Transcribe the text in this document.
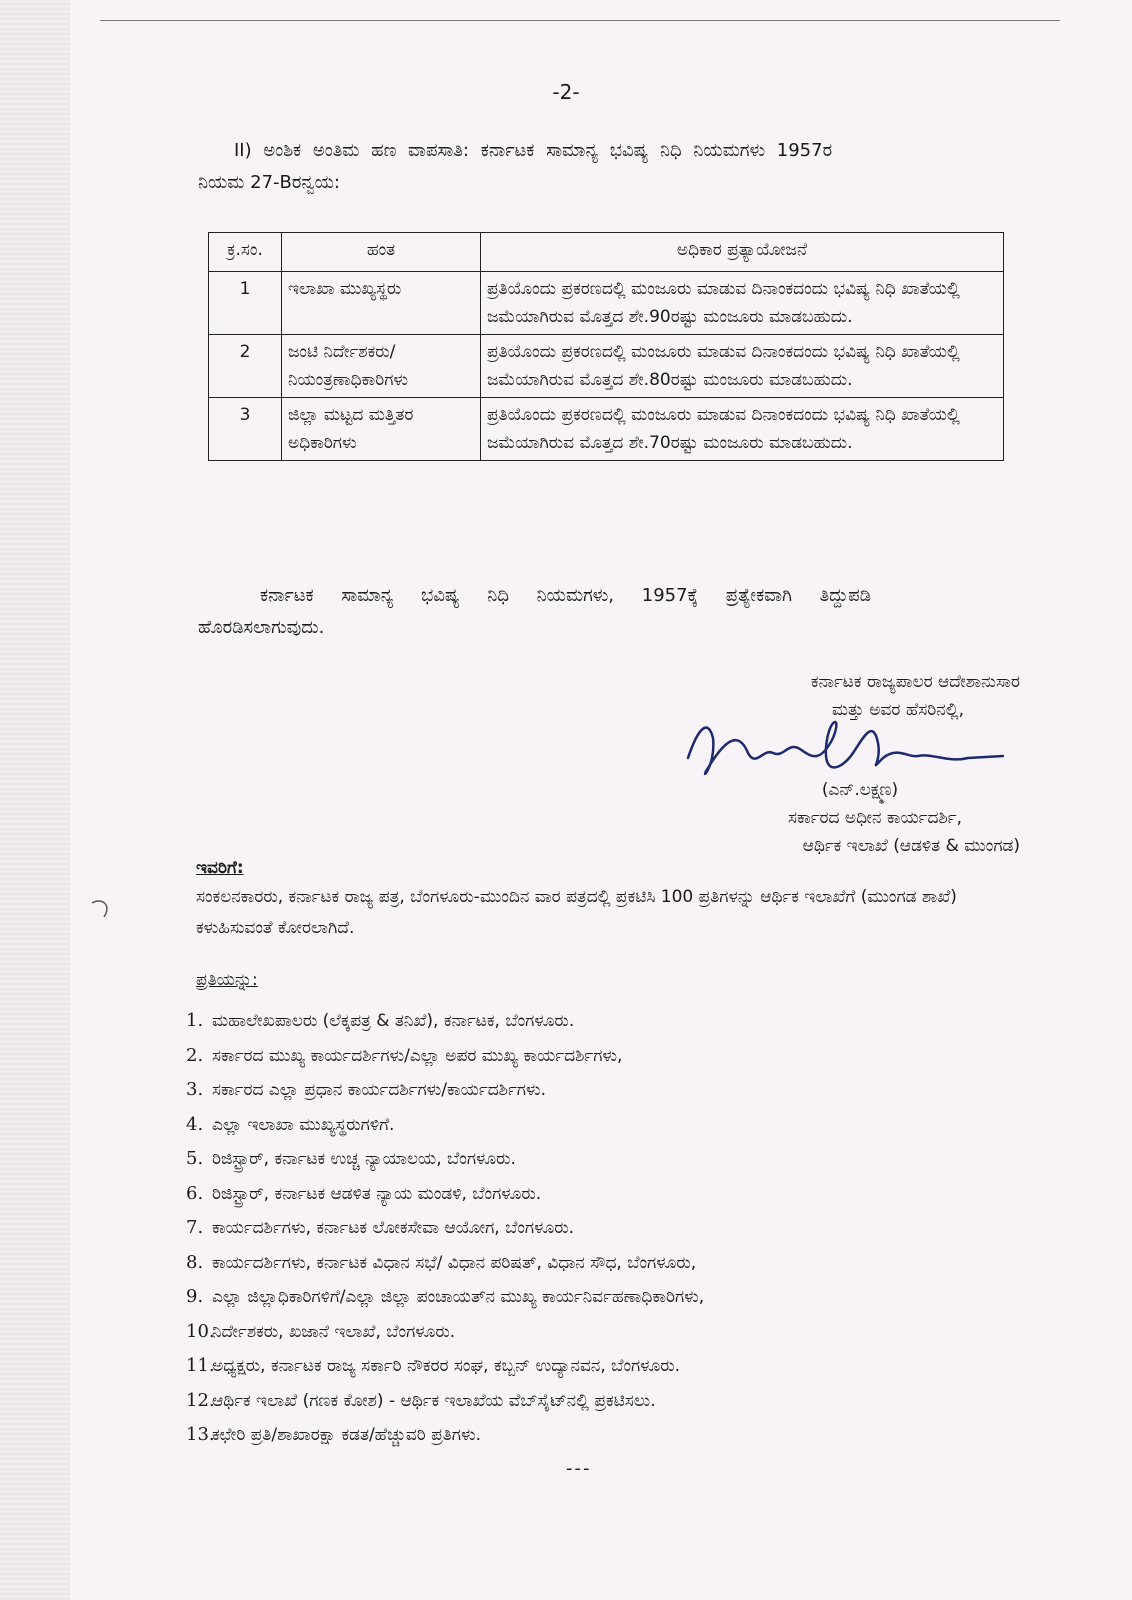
-2-
II) ಅಂಶಿಕ ಅಂತಿಮ ಹಣ ವಾಪಸಾತಿ: ಕರ್ನಾಟಕ ಸಾಮಾನ್ಯ ಭವಿಷ್ಯ ನಿಧಿ ನಿಯಮಗಳು 1957ರ
ನಿಯಮ 27-Bರನ್ವಯ:
ಕ್ರ.ಸಂ.	ಹಂತ	ಅಧಿಕಾರ ಪ್ರತ್ಯಾಯೋಜನೆ
1	ಇಲಾಖಾ ಮುಖ್ಯಸ್ಥರು	ಪ್ರತಿಯೊಂದು ಪ್ರಕರಣದಲ್ಲಿ ಮಂಜೂರು ಮಾಡುವ ದಿನಾಂಕದಂದು ಭವಿಷ್ಯ ನಿಧಿ ಖಾತೆಯಲ್ಲಿ ಜಮೆಯಾಗಿರುವ ಮೊತ್ತದ ಶೇ.90ರಷ್ಟು ಮಂಜೂರು ಮಾಡಬಹುದು.
2	ಜಂಟಿ ನಿರ್ದೇಶಕರು/ ನಿಯಂತ್ರಣಾಧಿಕಾರಿಗಳು	ಪ್ರತಿಯೊಂದು ಪ್ರಕರಣದಲ್ಲಿ ಮಂಜೂರು ಮಾಡುವ ದಿನಾಂಕದಂದು ಭವಿಷ್ಯ ನಿಧಿ ಖಾತೆಯಲ್ಲಿ ಜಮೆಯಾಗಿರುವ ಮೊತ್ತದ ಶೇ.80ರಷ್ಟು ಮಂಜೂರು ಮಾಡಬಹುದು.
3	ಜಿಲ್ಲಾ ಮಟ್ಟದ ಮತ್ತಿತರ ಅಧಿಕಾರಿಗಳು	ಪ್ರತಿಯೊಂದು ಪ್ರಕರಣದಲ್ಲಿ ಮಂಜೂರು ಮಾಡುವ ದಿನಾಂಕದಂದು ಭವಿಷ್ಯ ನಿಧಿ ಖಾತೆಯಲ್ಲಿ ಜಮೆಯಾಗಿರುವ ಮೊತ್ತದ ಶೇ.70ರಷ್ಟು ಮಂಜೂರು ಮಾಡಬಹುದು.
ಕರ್ನಾಟಕ ಸಾಮಾನ್ಯ ಭವಿಷ್ಯ ನಿಧಿ ನಿಯಮಗಳು, 1957ಕ್ಕೆ ಪ್ರತ್ಯೇಕವಾಗಿ ತಿದ್ದುಪಡಿ
ಹೊರಡಿಸಲಾಗುವುದು.
ಕರ್ನಾಟಕ ರಾಜ್ಯಪಾಲರ ಆದೇಶಾನುಸಾರ
ಮತ್ತು ಅವರ ಹೆಸರಿನಲ್ಲಿ,
(ಎನ್.ಲಕ್ಷ್ಮಣ)
ಸರ್ಕಾರದ ಅಧೀನ ಕಾರ್ಯದರ್ಶಿ,
ಆರ್ಥಿಕ ಇಲಾಖೆ (ಆಡಳಿತ & ಮುಂಗಡ)
ಇವರಿಗೆ:
ಸಂಕಲನಕಾರರು, ಕರ್ನಾಟಕ ರಾಜ್ಯ ಪತ್ರ, ಬೆಂಗಳೂರು-ಮುಂದಿನ ವಾರ ಪತ್ರದಲ್ಲಿ ಪ್ರಕಟಿಸಿ 100 ಪ್ರತಿಗಳನ್ನು ಆರ್ಥಿಕ ಇಲಾಖೆಗೆ (ಮುಂಗಡ ಶಾಖೆ) ಕಳುಹಿಸುವಂತೆ ಕೋರಲಾಗಿದೆ.
ಪ್ರತಿಯನ್ನು:
1. ಮಹಾಲೇಖಪಾಲರು (ಲೆಕ್ಕಪತ್ರ & ತನಿಖೆ), ಕರ್ನಾಟಕ, ಬೆಂಗಳೂರು.
2. ಸರ್ಕಾರದ ಮುಖ್ಯ ಕಾರ್ಯದರ್ಶಿಗಳು/ಎಲ್ಲಾ ಅಪರ ಮುಖ್ಯ ಕಾರ್ಯದರ್ಶಿಗಳು,
3. ಸರ್ಕಾರದ ಎಲ್ಲಾ ಪ್ರಧಾನ ಕಾರ್ಯದರ್ಶಿಗಳು/ಕಾರ್ಯದರ್ಶಿಗಳು.
4. ಎಲ್ಲಾ ಇಲಾಖಾ ಮುಖ್ಯಸ್ಥರುಗಳಿಗೆ.
5. ರಿಜಿಸ್ಟ್ರಾರ್, ಕರ್ನಾಟಕ ಉಚ್ಚ ನ್ಯಾಯಾಲಯ, ಬೆಂಗಳೂರು.
6. ರಿಜಿಸ್ಟ್ರಾರ್, ಕರ್ನಾಟಕ ಆಡಳಿತ ನ್ಯಾಯ ಮಂಡಳಿ, ಬೆಂಗಳೂರು.
7. ಕಾರ್ಯದರ್ಶಿಗಳು, ಕರ್ನಾಟಕ ಲೋಕಸೇವಾ ಆಯೋಗ, ಬೆಂಗಳೂರು.
8. ಕಾರ್ಯದರ್ಶಿಗಳು, ಕರ್ನಾಟಕ ವಿಧಾನ ಸಭೆ/ ವಿಧಾನ ಪರಿಷತ್, ವಿಧಾನ ಸೌಧ, ಬೆಂಗಳೂರು,
9. ಎಲ್ಲಾ ಜಿಲ್ಲಾಧಿಕಾರಿಗಳಿಗೆ/ಎಲ್ಲಾ ಜಿಲ್ಲಾ ಪಂಚಾಯತ್‌ನ ಮುಖ್ಯ ಕಾರ್ಯನಿರ್ವಹಣಾಧಿಕಾರಿಗಳು,
10.ನಿರ್ದೇಶಕರು, ಖಜಾನೆ ಇಲಾಖೆ, ಬೆಂಗಳೂರು.
11.ಅಧ್ಯಕ್ಷರು, ಕರ್ನಾಟಕ ರಾಜ್ಯ ಸರ್ಕಾರಿ ನೌಕರರ ಸಂಘ, ಕಬ್ಬನ್ ಉದ್ಯಾನವನ, ಬೆಂಗಳೂರು.
12.ಆರ್ಥಿಕ ಇಲಾಖೆ (ಗಣಕ ಕೋಶ) - ಆರ್ಥಿಕ ಇಲಾಖೆಯ ವೆಬ್‌ಸೈಟ್‌ನಲ್ಲಿ ಪ್ರಕಟಿಸಲು.
13.ಕಛೇರಿ ಪ್ರತಿ/ಶಾಖಾರಕ್ಷಾ ಕಡತ/ಹೆಚ್ಚುವರಿ ಪ್ರತಿಗಳು.
---
